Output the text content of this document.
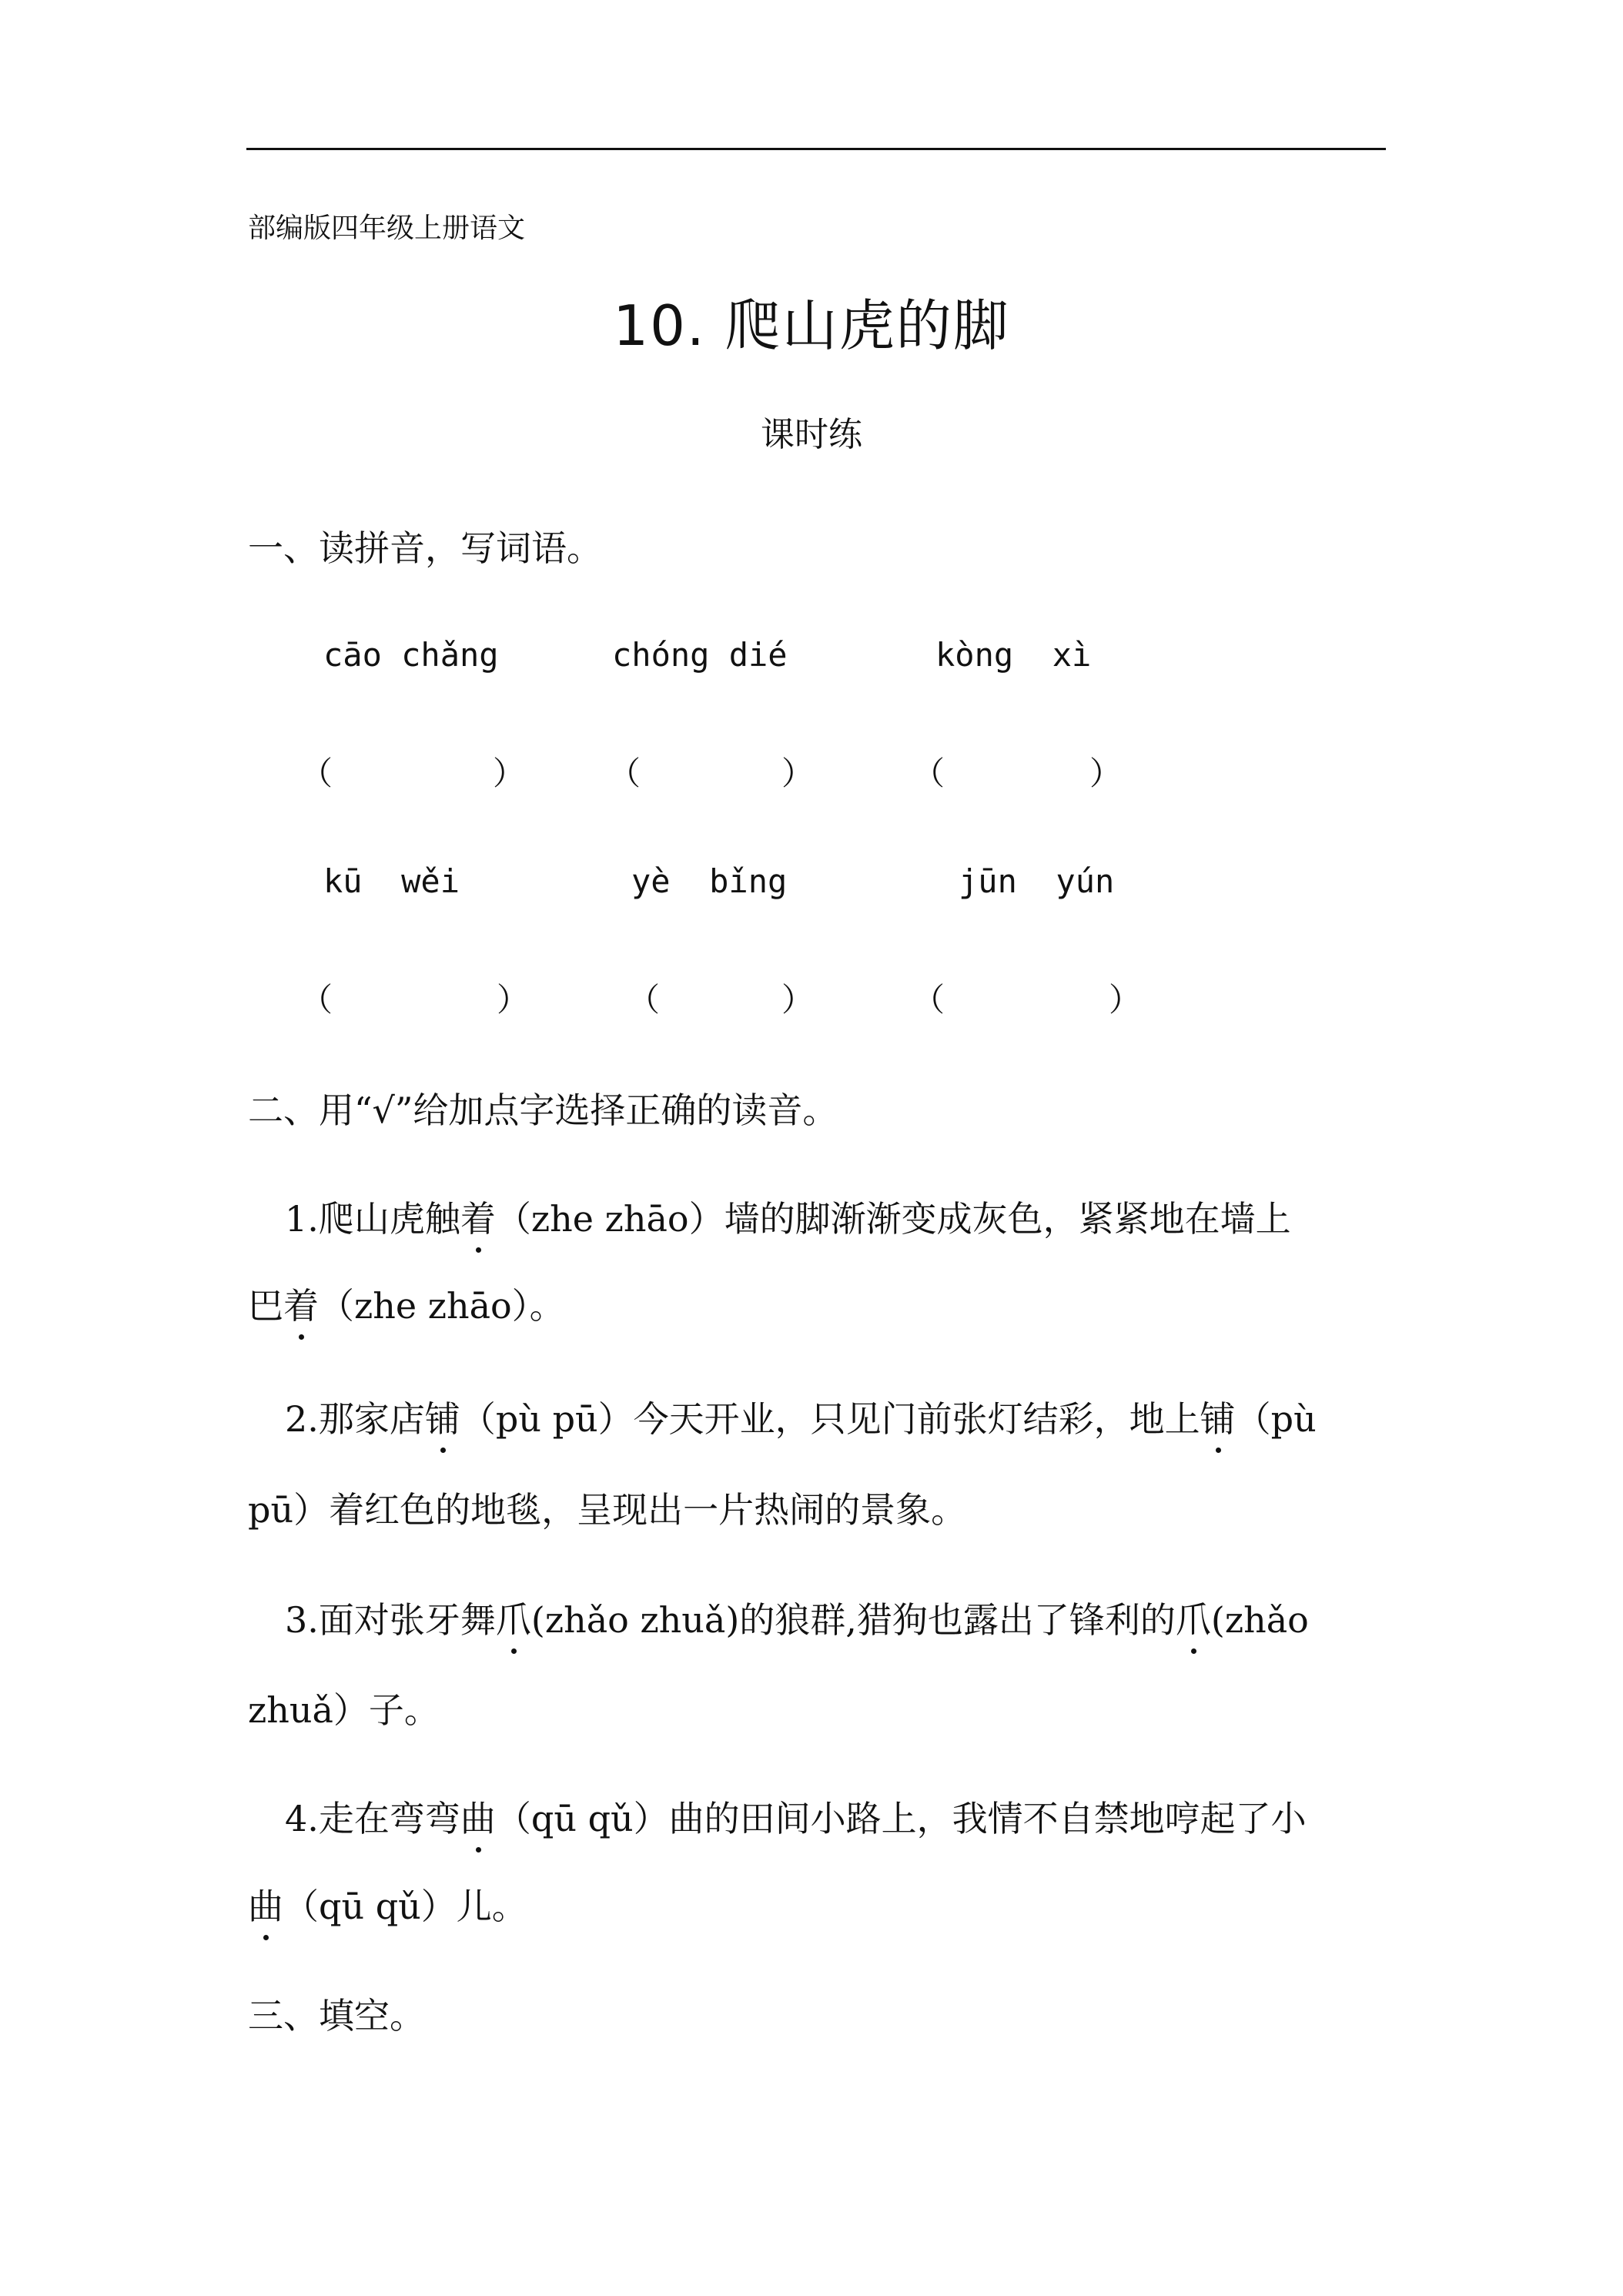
部编版四年级上册语文
10. 爬山虎的脚
课时练
一、读拼音，写词语。
cāo chǎng	chóng dié	kòng  xì
（	）	（	）	（	）
kū  wěi	yè  bǐng	jūn  yún
（	）	（	）	（	）
二、用“√”给加点字选择正确的读音。
1.爬山虎触着（zhe zhāo）墙的脚渐渐变成灰色，紧紧地在墙上
巴着（zhe zhāo）。
2.那家店铺（pù pū）今天开业，只见门前张灯结彩，地上铺（pù
pū）着红色的地毯，呈现出一片热闹的景象。
3.面对张牙舞爪(zhǎo zhuǎ)的狼群,猎狗也露出了锋利的爪(zhǎo
zhuǎ）子。
4.走在弯弯曲（qū qǔ）曲的田间小路上，我情不自禁地哼起了小
曲（qū qǔ）儿。
三、填空。
